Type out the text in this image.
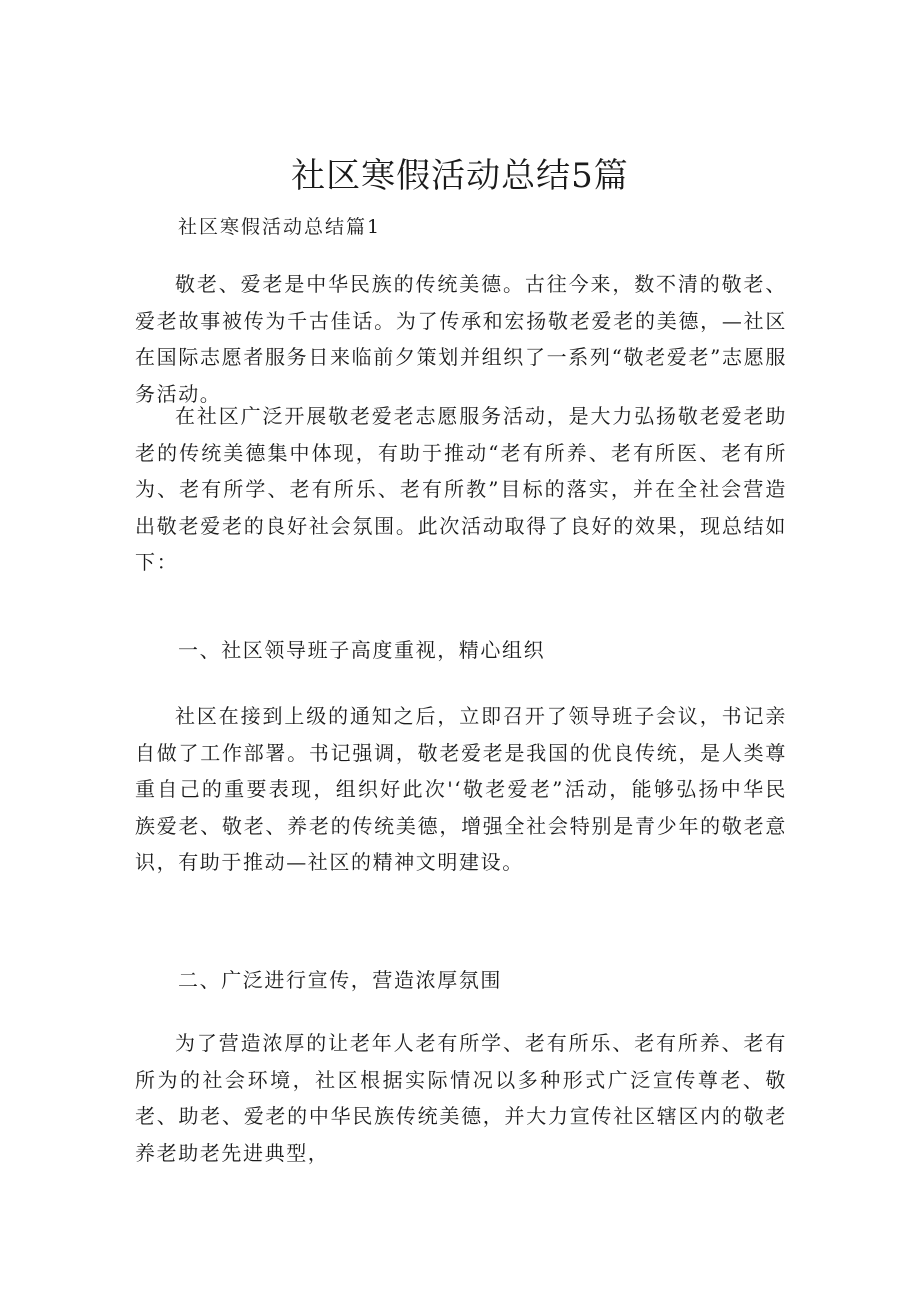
社区寒假活动总结5篇

社区寒假活动总结篇1

敬老、爱老是中华民族的传统美德。古往今来，数不清的敬老、爱老故事被传为千古佳话。为了传承和宏扬敬老爱老的美德，—社区在国际志愿者服务日来临前夕策划并组织了一系列“敬老爱老”志愿服务活动。

在社区广泛开展敬老爱老志愿服务活动，是大力弘扬敬老爱老助老的传统美德集中体现，有助于推动“老有所养、老有所医、老有所为、老有所学、老有所乐、老有所教”目标的落实，并在全社会营造出敬老爱老的良好社会氛围。此次活动取得了良好的效果，现总结如下：

一、社区领导班子高度重视，精心组织

社区在接到上级的通知之后，立即召开了领导班子会议，书记亲自做了工作部署。书记强调，敬老爱老是我国的优良传统，是人类尊重自己的重要表现，组织好此次'‘敬老爱老”活动，能够弘扬中华民族爱老、敬老、养老的传统美德，增强全社会特别是青少年的敬老意识，有助于推动—社区的精神文明建设。

二、广泛进行宣传，营造浓厚氛围

为了营造浓厚的让老年人老有所学、老有所乐、老有所养、老有所为的社会环境，社区根据实际情况以多种形式广泛宣传尊老、敬老、助老、爱老的中华民族传统美德，并大力宣传社区辖区内的敬老养老助老先进典型，
